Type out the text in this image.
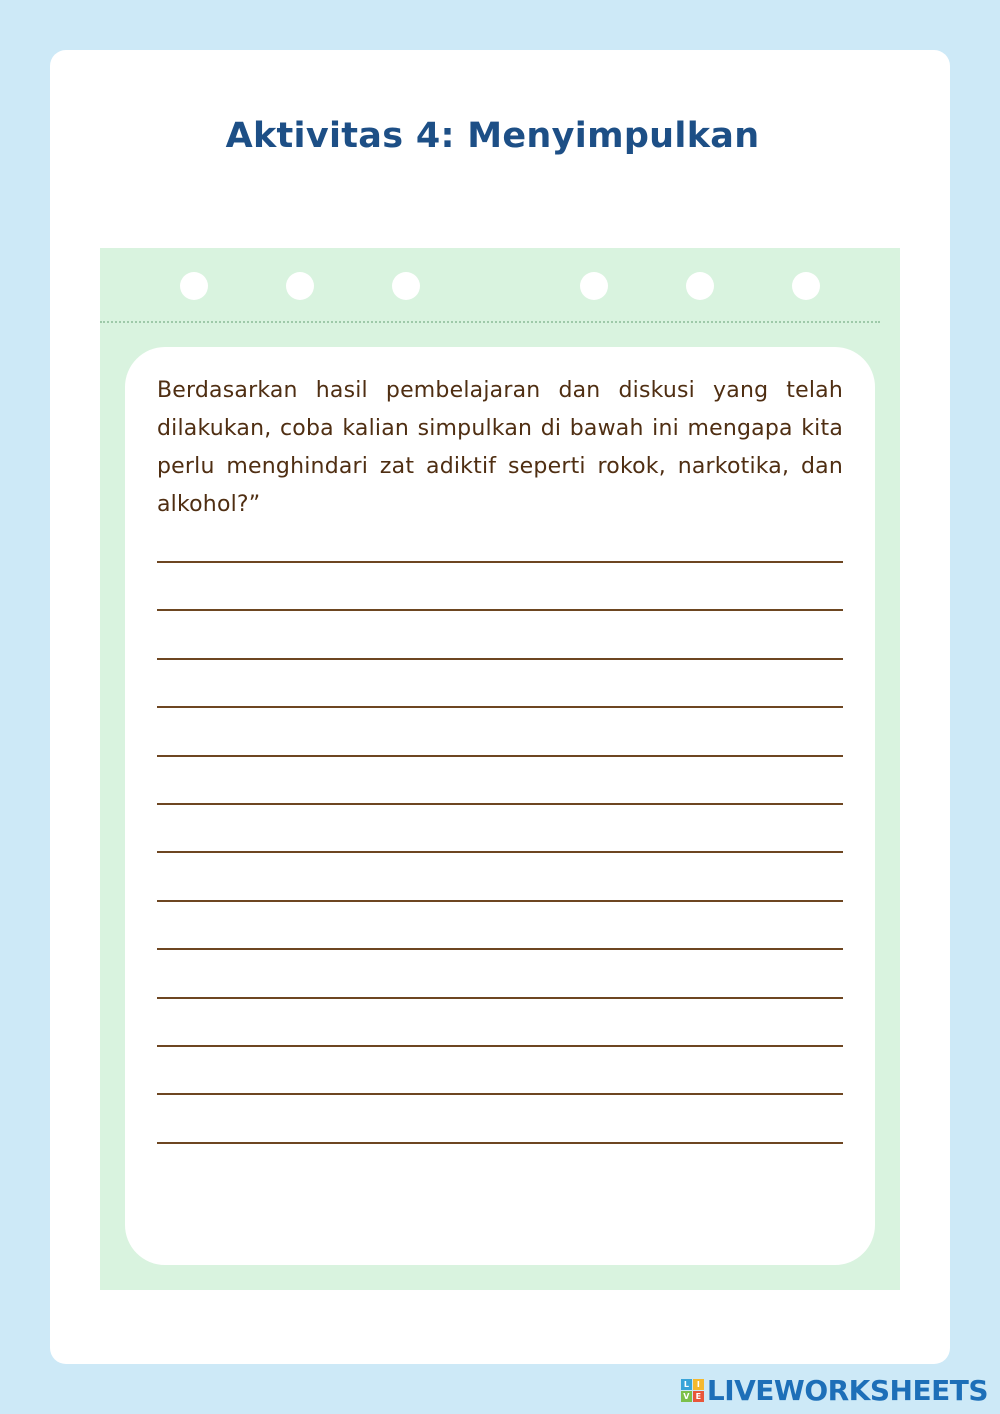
Aktivitas 4: Menyimpulkan

Berdasarkan hasil pembelajaran dan diskusi yang telah dilakukan, coba kalian simpulkan di bawah ini mengapa kita perlu menghindari zat adiktif seperti rokok, narkotika, dan alkohol?”

L I
V E LIVEWORKSHEETS
